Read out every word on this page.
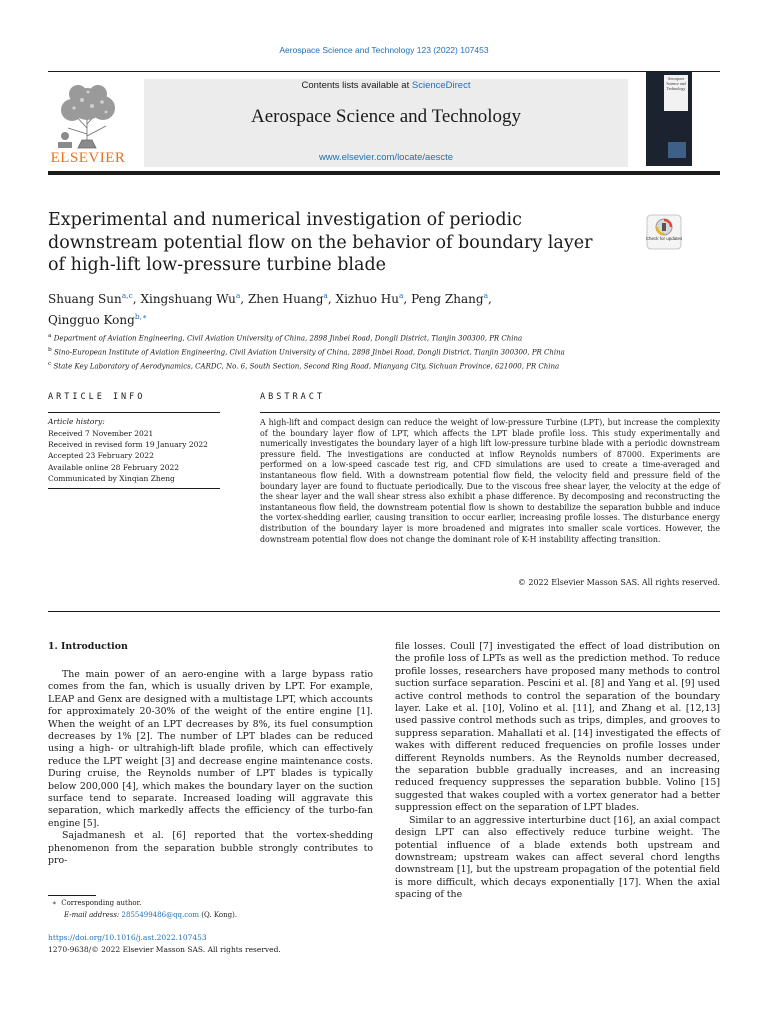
Aerospace Science and Technology 123 (2022) 107453
ELSEVIER
Contents lists available at ScienceDirect
Aerospace Science and Technology
www.elsevier.com/locate/aescte
Aerospace Science and Technology
Experimental and numerical investigation of periodic downstream potential flow on the behavior of boundary layer of high-lift low-pressure turbine blade
Check for updates
Shuang Sun$^{a,c}$, Xingshuang Wu$^a$, Zhen Huang$^a$, Xizhuo Hu$^a$, Peng Zhang$^a$,
Qingguo Kong$^{b,∗}$
$^a$ Department of Aviation Engineering, Civil Aviation University of China, 2898 Jinbei Road, Dongli District, Tianjin 300300, PR China
$^b$ Sino-European Institute of Aviation Engineering, Civil Aviation University of China, 2898 Jinbei Road, Dongli District, Tianjin 300300, PR China
$^c$ State Key Laboratory of Aerodynamics, CARDC, No. 6, South Section, Second Ring Road, Mianyang City, Sichuan Province, 621000, PR China
ARTICLE INFO
Article history:
Received 7 November 2021
Received in revised form 19 January 2022
Accepted 23 February 2022
Available online 28 February 2022
Communicated by Xinqian Zheng
ABSTRACT
A high-lift and compact design can reduce the weight of low-pressure Turbine (LPT), but increase the complexity of the boundary layer flow of LPT, which affects the LPT blade profile loss. This study experimentally and numerically investigates the boundary layer of a high lift low-pressure turbine blade with a periodic downstream pressure field. The investigations are conducted at inflow Reynolds numbers of 87000. Experiments are performed on a low-speed cascade test rig, and CFD simulations are used to create a time-averaged and instantaneous flow field. With a downstream potential flow field, the velocity field and pressure field of the boundary layer are found to fluctuate periodically. Due to the viscous free shear layer, the velocity at the edge of the shear layer and the wall shear stress also exhibit a phase difference. By decomposing and reconstructing the instantaneous flow field, the downstream potential flow is shown to destabilize the separation bubble and induce the vortex-shedding earlier, causing transition to occur earlier, increasing profile losses. The disturbance energy distribution of the boundary layer is more broadened and migrates into smaller scale vortices. However, the downstream potential flow does not change the dominant role of K-H instability affecting transition.
© 2022 Elsevier Masson SAS. All rights reserved.
1. Introduction

The main power of an aero-engine with a large bypass ratio comes from the fan, which is usually driven by LPT. For example, LEAP and Genx are designed with a multistage LPT, which accounts for approximately 20-30% of the weight of the entire engine [1]. When the weight of an LPT decreases by 8%, its fuel consumption decreases by 1% [2]. The number of LPT blades can be reduced using a high- or ultrahigh-lift blade profile, which can effectively reduce the LPT weight [3] and decrease engine maintenance costs. During cruise, the Reynolds number of LPT blades is typically below 200,000 [4], which makes the boundary layer on the suction surface tend to separate. Increased loading will aggravate this separation, which markedly affects the efficiency of the turbo-fan engine [5].

Sajadmanesh et al. [6] reported that the vortex-shedding phenomenon from the separation bubble strongly contributes to pro-

file losses. Coull [7] investigated the effect of load distribution on the profile loss of LPTs as well as the prediction method. To reduce profile losses, researchers have proposed many methods to control suction surface separation. Pescini et al. [8] and Yang et al. [9] used active control methods to control the separation of the boundary layer. Lake et al. [10], Volino et al. [11], and Zhang et al. [12,13] used passive control methods such as trips, dimples, and grooves to suppress separation. Mahallati et al. [14] investigated the effects of wakes with different reduced frequencies on profile losses under different Reynolds numbers. As the Reynolds number decreased, the separation bubble gradually increases, and an increasing reduced frequency suppresses the separation bubble. Volino [15] suggested that wakes coupled with a vortex generator had a better suppression effect on the separation of LPT blades.

Similar to an aggressive interturbine duct [16], an axial compact design LPT can also effectively reduce turbine weight. The potential influence of a blade extends both upstream and downstream; upstream wakes can affect several chord lengths downstream [1], but the upstream propagation of the potential field is more difficult, which decays exponentially [17]. When the axial spacing of the

∗ Corresponding author.
E-mail address: 2855499486@qq.com (Q. Kong).
https://doi.org/10.1016/j.ast.2022.107453
1270-9638/© 2022 Elsevier Masson SAS. All rights reserved.
